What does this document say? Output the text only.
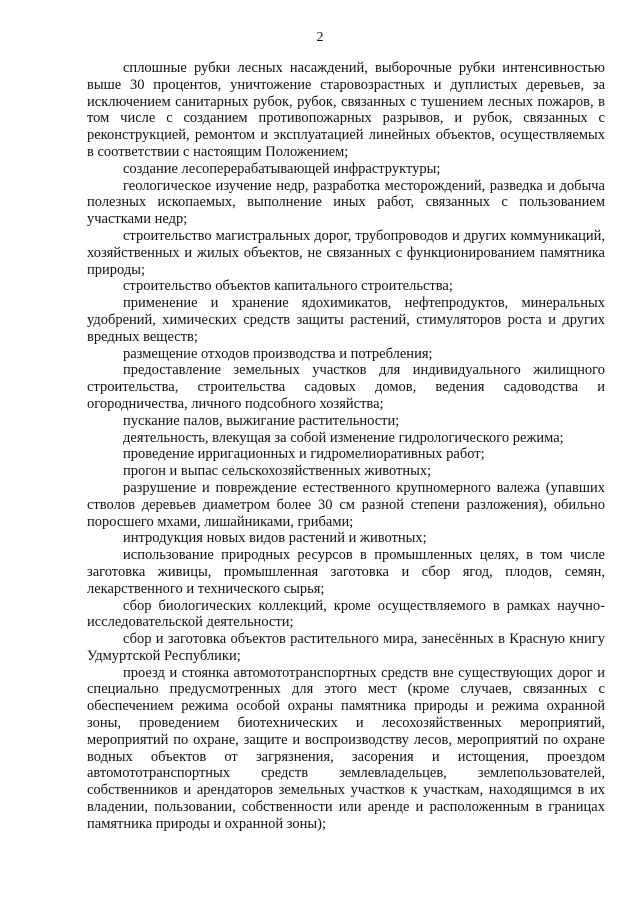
2

сплошные рубки лесных насаждений, выборочные рубки интенсивностью выше 30 процентов, уничтожение старовозрастных и дуплистых деревьев, за исключением санитарных рубок, рубок, связанных с тушением лесных пожаров, в том числе с созданием противопожарных разрывов, и рубок, связанных с реконструкцией, ремонтом и эксплуатацией линейных объектов, осуществляемых в соответствии с настоящим Положением;

создание лесоперерабатывающей инфраструктуры;

геологическое изучение недр, разработка месторождений, разведка и добыча полезных ископаемых, выполнение иных работ, связанных с пользованием участками недр;

строительство магистральных дорог, трубопроводов и других коммуникаций, хозяйственных и жилых объектов, не связанных с функционированием памятника природы;

строительство объектов капитального строительства;

применение и хранение ядохимикатов, нефтепродуктов, минеральных удобрений, химических средств защиты растений, стимуляторов роста и других вредных веществ;

размещение отходов производства и потребления;

предоставление земельных участков для индивидуального жилищного строительства, строительства садовых домов, ведения садоводства и огородничества, личного подсобного хозяйства;

пускание палов, выжигание растительности;

деятельность, влекущая за собой изменение гидрологического режима;

проведение ирригационных и гидромелиоративных работ;

прогон и выпас сельскохозяйственных животных;

разрушение и повреждение естественного крупномерного валежа (упавших стволов деревьев диаметром более 30 см разной степени разложения), обильно поросшего мхами, лишайниками, грибами;

интродукция новых видов растений и животных;

использование природных ресурсов в промышленных целях, в том числе заготовка живицы, промышленная заготовка и сбор ягод, плодов, семян, лекарственного и технического сырья;

сбор биологических коллекций, кроме осуществляемого в рамках научно-исследовательской деятельности;

сбор и заготовка объектов растительного мира, занесённых в Красную книгу Удмуртской Республики;

проезд и стоянка автомототранспортных средств вне существующих дорог и специально предусмотренных для этого мест (кроме случаев, связанных с обеспечением режима особой охраны памятника природы и режима охранной зоны, проведением биотехнических и лесохозяйственных мероприятий, мероприятий по охране, защите и воспроизводству лесов, мероприятий по охране водных объектов от загрязнения, засорения и истощения, проездом автомототранспортных средств землевладельцев, землепользователей, собственников и арендаторов земельных участков к участкам, находящимся в их владении, пользовании, собственности или аренде и расположенным в границах памятника природы и охранной зоны);
